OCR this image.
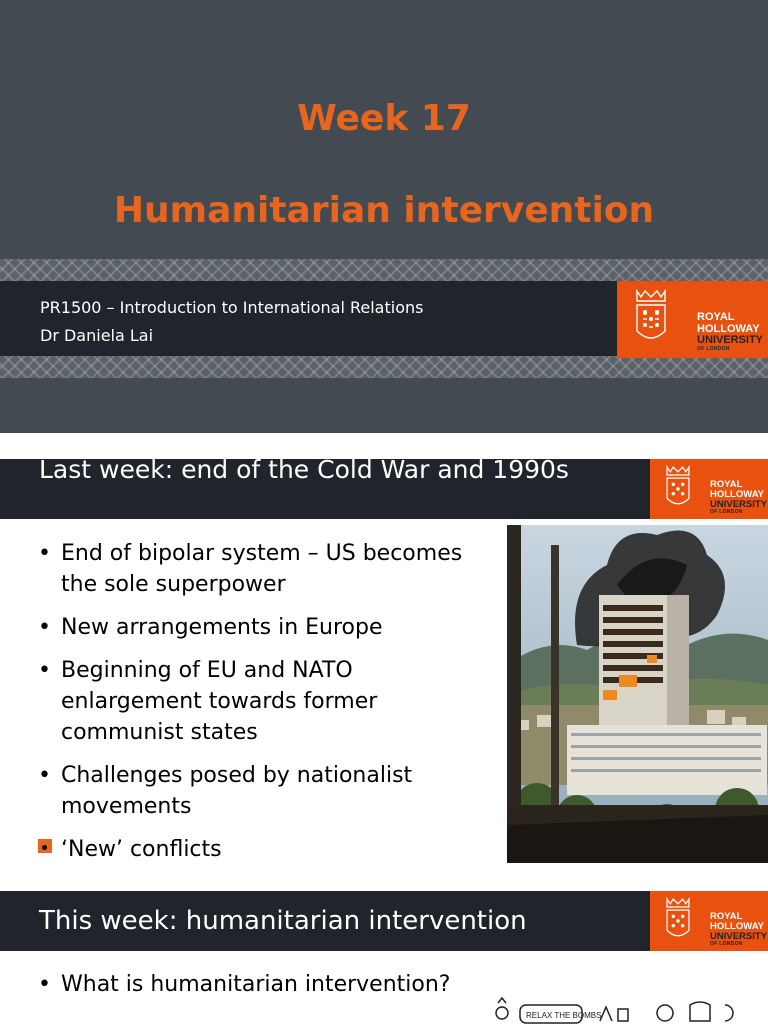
Week 17
Humanitarian intervention
PR1500 – Introduction to International Relations
Dr Daniela Lai
ROYAL
HOLLOWAY
UNIVERSITY
OF LONDON
Last week: end of the Cold War and 1990s
• End of bipolar system – US becomes the sole superpower
• New arrangements in Europe
• Beginning of EU and NATO enlargement towards former communist states
• Challenges posed by nationalist movements
‘New’ conflicts
ROYAL
HOLLOWAY
UNIVERSITY
OF LONDON
This week: humanitarian intervention
• What is humanitarian intervention?
RELAX THE BOMBS
ROYAL
HOLLOWAY
UNIVERSITY
OF LONDON
